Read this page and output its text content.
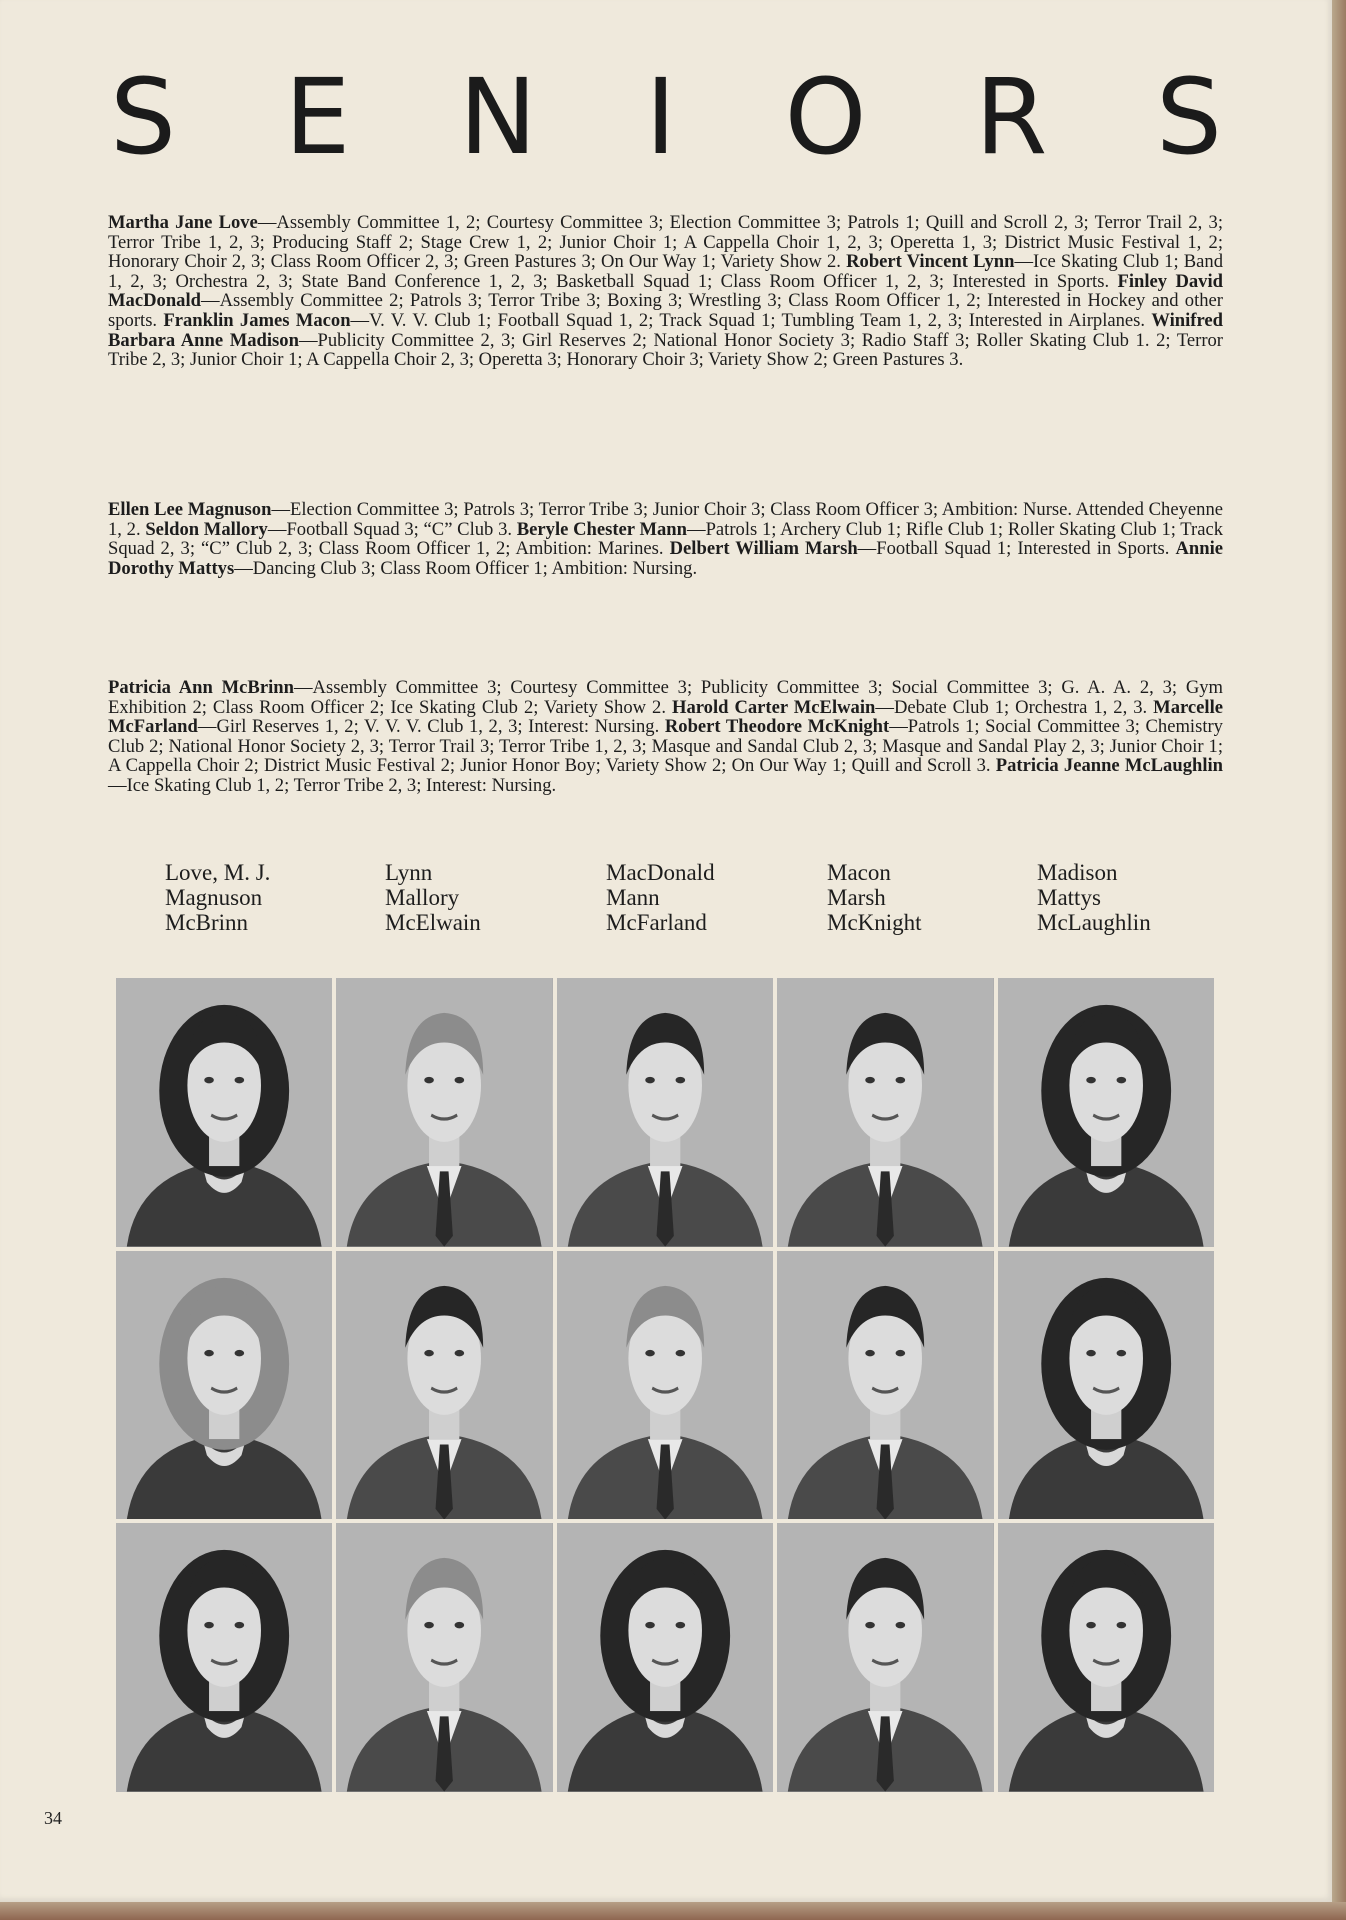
S E N I O R S

Martha Jane Love—Assembly Committee 1, 2; Courtesy Committee 3; Election Committee 3; Patrols 1; Quill and Scroll 2, 3; Terror Trail 2, 3; Terror Tribe 1, 2, 3; Producing Staff 2; Stage Crew 1, 2; Junior Choir 1; A Cappella Choir 1, 2, 3; Operetta 1, 3; District Music Festival 1, 2; Honorary Choir 2, 3; Class Room Officer 2, 3; Green Pastures 3; On Our Way 1; Variety Show 2. Robert Vincent Lynn—Ice Skating Club 1; Band 1, 2, 3; Orchestra 2, 3; State Band Conference 1, 2, 3; Basketball Squad 1; Class Room Officer 1, 2, 3; Interested in Sports. Finley David MacDonald—Assembly Committee 2; Patrols 3; Terror Tribe 3; Boxing 3; Wrestling 3; Class Room Officer 1, 2; Interested in Hockey and other sports. Franklin James Macon—V. V. V. Club 1; Football Squad 1, 2; Track Squad 1; Tumbling Team 1, 2, 3; Interested in Airplanes. Winifred Barbara Anne Madison—Publicity Committee 2, 3; Girl Reserves 2; National Honor Society 3; Radio Staff 3; Roller Skating Club 1. 2; Terror Tribe 2, 3; Junior Choir 1; A Cappella Choir 2, 3; Operetta 3; Honorary Choir 3; Variety Show 2; Green Pastures 3.

Ellen Lee Magnuson—Election Committee 3; Patrols 3; Terror Tribe 3; Junior Choir 3; Class Room Officer 3; Ambition: Nurse. Attended Cheyenne 1, 2. Seldon Mallory—Football Squad 3; “C” Club 3. Beryle Chester Mann—Patrols 1; Archery Club 1; Rifle Club 1; Roller Skating Club 1; Track Squad 2, 3; “C” Club 2, 3; Class Room Officer 1, 2; Ambition: Marines. Delbert William Marsh—Football Squad 1; Interested in Sports. Annie Dorothy Mattys—Dancing Club 3; Class Room Officer 1; Ambition: Nursing.

Patricia Ann McBrinn—Assembly Committee 3; Courtesy Committee 3; Publicity Committee 3; Social Committee 3; G. A. A. 2, 3; Gym Exhibition 2; Class Room Officer 2; Ice Skating Club 2; Variety Show 2. Harold Carter McElwain—Debate Club 1; Orchestra 1, 2, 3. Marcelle McFarland—Girl Reserves 1, 2; V. V. V. Club 1, 2, 3; Interest: Nursing. Robert Theodore McKnight—Patrols 1; Social Committee 3; Chemistry Club 2; National Honor Society 2, 3; Terror Trail 3; Terror Tribe 1, 2, 3; Masque and Sandal Club 2, 3; Masque and Sandal Play 2, 3; Junior Choir 1; A Cappella Choir 2; District Music Festival 2; Junior Honor Boy; Variety Show 2; On Our Way 1; Quill and Scroll 3. Patricia Jeanne McLaughlin—Ice Skating Club 1, 2; Terror Tribe 2, 3; Interest: Nursing.

Love, M. J.
Magnuson
McBrinn
Lynn
Mallory
McElwain
MacDonald
Mann
McFarland
Macon
Marsh
McKnight
Madison
Mattys
McLaughlin
34
